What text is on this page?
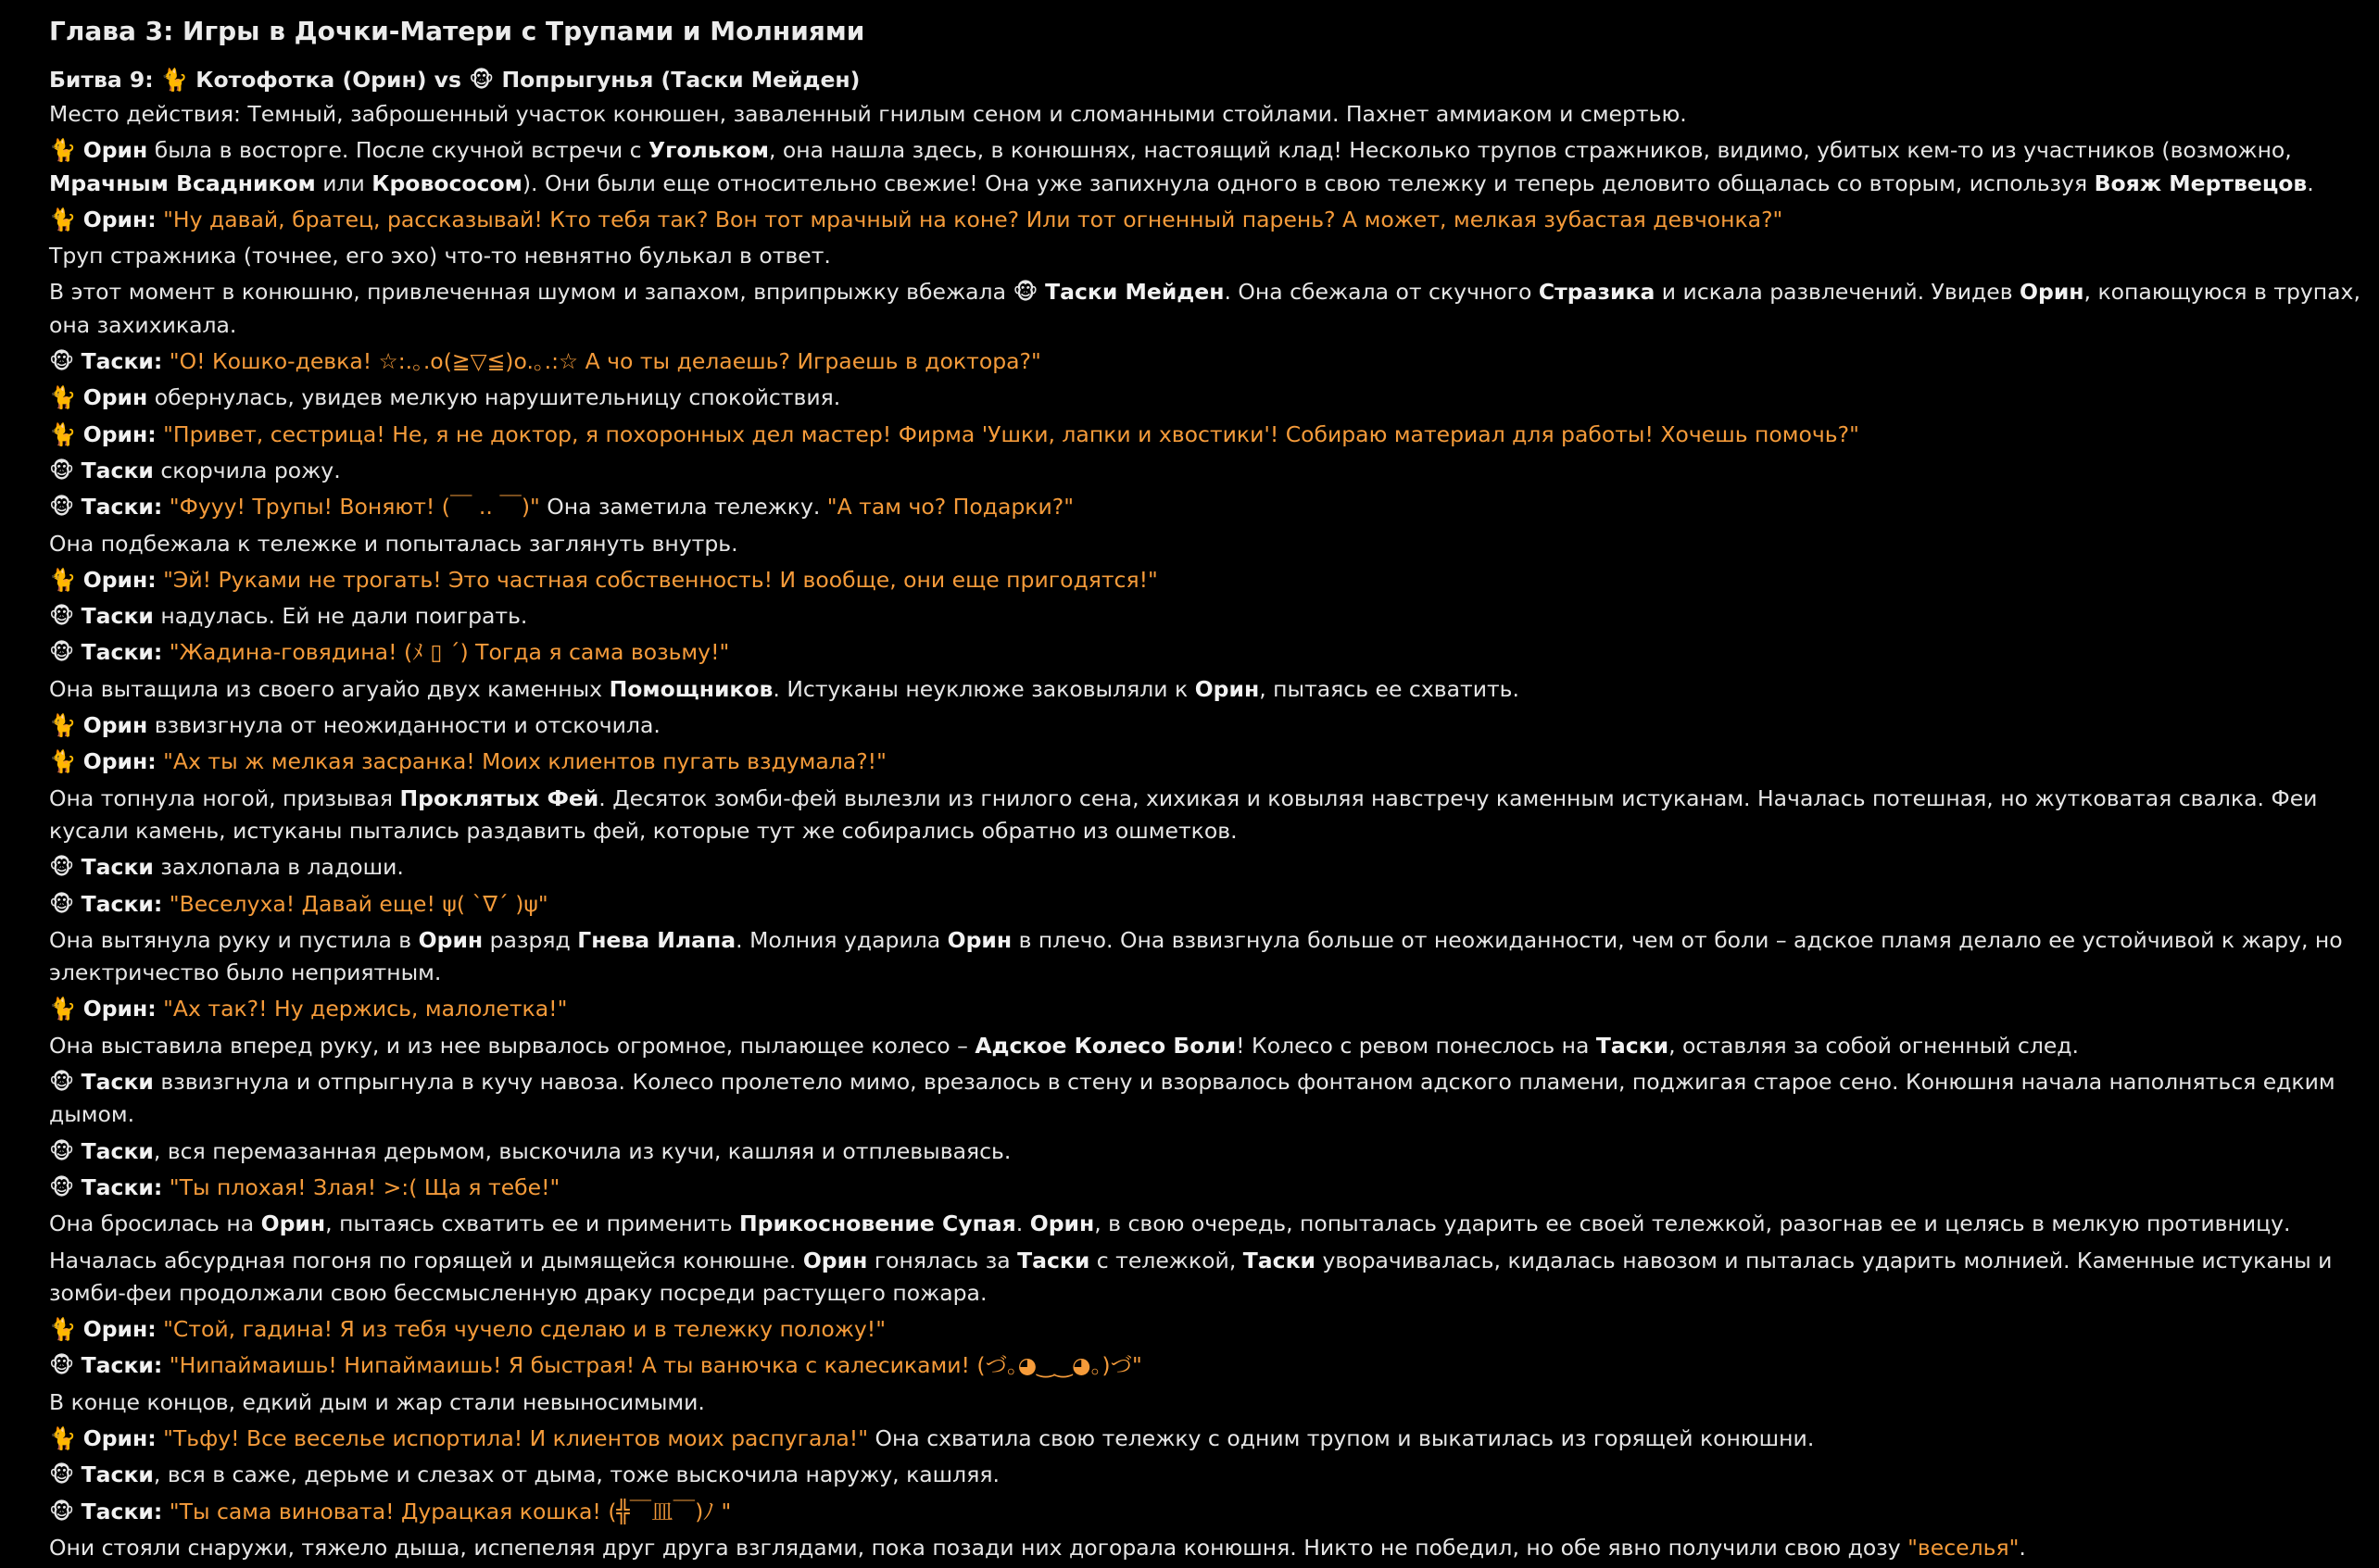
Глава 3: Игры в Дочки-Матери с Трупами и Молниями
Битва 9: 🐈 Котофотка (Орин) vs 🐵 Попрыгунья (Таски Мейден)

Место действия: Темный, заброшенный участок конюшен, заваленный гнилым сеном и сломанными стойлами. Пахнет аммиаком и смертью.

🐈 Орин была в восторге. После скучной встречи с Угольком, она нашла здесь, в конюшнях, настоящий клад! Несколько трупов стражников, видимо, убитых кем-то из участников (возможно, Мрачным Всадником или Кровососом). Они были еще относительно свежие! Она уже запихнула одного в свою тележку и теперь деловито общалась со вторым, используя Вояж Мертвецов.

🐈 Орин: "Ну давай, братец, рассказывай! Кто тебя так? Вон тот мрачный на коне? Или тот огненный парень? А может, мелкая зубастая девчонка?"

Труп стражника (точнее, его эхо) что-то невнятно булькал в ответ.

В этот момент в конюшню, привлеченная шумом и запахом, вприпрыжку вбежала 🐵 Таски Мейден. Она сбежала от скучного Стразика и искала развлечений. Увидев Орин, копающуюся в трупах, она захихикала.

🐵 Таски: "О! Кошко-девка! ☆:.｡.o(≧▽≦)o.｡.:☆ А чо ты делаешь? Играешь в доктора?"

🐈 Орин обернулась, увидев мелкую нарушительницу спокойствия.

🐈 Орин: "Привет, сестрица! Не, я не доктор, я похоронных дел мастер! Фирма 'Ушки, лапки и хвостики'! Собираю материал для работы! Хочешь помочь?"

🐵 Таски скорчила рожу.

🐵 Таски: "Фууу! Трупы! Воняют! (￣ .. ￣)" Она заметила тележку. "А там чо? Подарки?"

Она подбежала к тележке и попыталась заглянуть внутрь.

🐈 Орин: "Эй! Руками не трогать! Это частная собственность! И вообще, они еще пригодятся!"

🐵 Таски надулась. Ей не дали поиграть.

🐵 Таски: "Жадина-говядина! (ﾒ ▯ ´) Тогда я сама возьму!"

Она вытащила из своего агуайо двух каменных Помощников. Истуканы неуклюже заковыляли к Орин, пытаясь ее схватить.

🐈 Орин взвизгнула от неожиданности и отскочила.

🐈 Орин: "Ах ты ж мелкая засранка! Моих клиентов пугать вздумала?!"

Она топнула ногой, призывая Проклятых Фей. Десяток зомби-фей вылезли из гнилого сена, хихикая и ковыляя навстречу каменным истуканам. Началась потешная, но жутковатая свалка. Феи кусали камень, истуканы пытались раздавить фей, которые тут же собирались обратно из ошметков.

🐵 Таски захлопала в ладоши.

🐵 Таски: "Веселуха! Давай еще! ψ( `∇´ )ψ"

Она вытянула руку и пустила в Орин разряд Гнева Илапа. Молния ударила Орин в плечо. Она взвизгнула больше от неожиданности, чем от боли – адское пламя делало ее устойчивой к жару, но электричество было неприятным.

🐈 Орин: "Ах так?! Ну держись, малолетка!"

Она выставила вперед руку, и из нее вырвалось огромное, пылающее колесо – Адское Колесо Боли! Колесо с ревом понеслось на Таски, оставляя за собой огненный след.

🐵 Таски взвизгнула и отпрыгнула в кучу навоза. Колесо пролетело мимо, врезалось в стену и взорвалось фонтаном адского пламени, поджигая старое сено. Конюшня начала наполняться едким дымом.

🐵 Таски, вся перемазанная дерьмом, выскочила из кучи, кашляя и отплевываясь.

🐵 Таски: "Ты плохая! Злая! >:( Ща я тебе!"

Она бросилась на Орин, пытаясь схватить ее и применить Прикосновение Супая. Орин, в свою очередь, попыталась ударить ее своей тележкой, разогнав ее и целясь в мелкую противницу.

Началась абсурдная погоня по горящей и дымящейся конюшне. Орин гонялась за Таски с тележкой, Таски уворачивалась, кидалась навозом и пыталась ударить молнией. Каменные истуканы и зомби-феи продолжали свою бессмысленную драку посреди растущего пожара.

🐈 Орин: "Стой, гадина! Я из тебя чучело сделаю и в тележку положу!"

🐵 Таски: "Нипаймаишь! Нипаймаишь! Я быстрая! А ты ванючка с калесиками! (づ｡◕‿‿◕｡)づ"

В конце концов, едкий дым и жар стали невыносимыми.

🐈 Орин: "Тьфу! Все веселье испортила! И клиентов моих распугала!" Она схватила свою тележку с одним трупом и выкатилась из горящей конюшни.

🐵 Таски, вся в саже, дерьме и слезах от дыма, тоже выскочила наружу, кашляя.

🐵 Таски: "Ты сама виновата! Дурацкая кошка! (╬￣皿￣)ﾉ "

Они стояли снаружи, тяжело дыша, испепеляя друг друга взглядами, пока позади них догорала конюшня. Никто не победил, но обе явно получили свою дозу "веселья".
